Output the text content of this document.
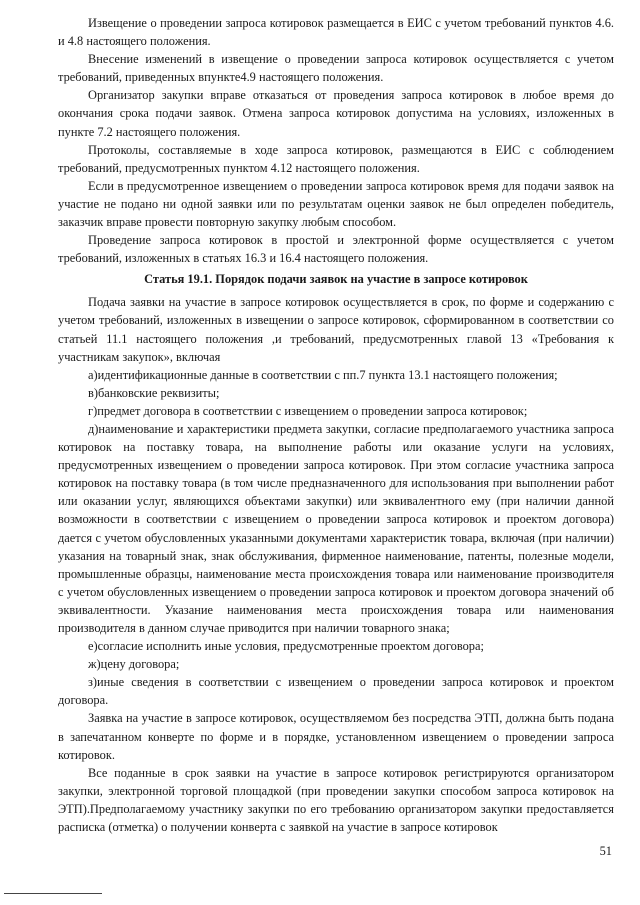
Извещение о проведении запроса котировок размещается в ЕИС с учетом требований пунктов 4.6. и 4.8 настоящего положения.

Внесение изменений в извещение о проведении запроса котировок осуществляется с учетом требований, приведенных впункте4.9 настоящего положения.

Организатор закупки вправе отказаться от проведения запроса котировок в любое время до окончания срока подачи заявок. Отмена запроса котировок допустима на условиях, изложенных в пункте 7.2 настоящего положения.

Протоколы, составляемые в ходе запроса котировок, размещаются в ЕИС с соблюдением требований, предусмотренных пунктом 4.12 настоящего положения.

Если в предусмотренное извещением о проведении запроса котировок время для подачи заявок на участие не подано ни одной заявки или по результатам оценки заявок не был определен победитель, заказчик вправе провести повторную закупку любым способом.

Проведение запроса котировок в простой и электронной форме осуществляется с учетом требований, изложенных в статьях 16.3 и 16.4 настоящего положения.

Статья 19.1. Порядок подачи заявок на участие в запросе котировок

Подача заявки на участие в запросе котировок осуществляется в срок, по форме и содержанию с учетом требований, изложенных в извещении о запросе котировок, сформированном в соответствии со статьей 11.1 настоящего положения ,и требований, предусмотренных главой 13 «Требования к участникам закупок», включая

а)идентификационные данные в соответствии с пп.7 пункта 13.1 настоящего положения;

в)банковские реквизиты;

г)предмет договора в соответствии с извещением о проведении запроса котировок;

д)наименование и характеристики предмета закупки, согласие предполагаемого участника запроса котировок на поставку товара, на выполнение работы или оказание услуги на условиях, предусмотренных извещением о проведении запроса котировок. При этом согласие участника запроса котировок на поставку товара (в том числе предназначенного для использования при выполнении работ или оказании услуг, являющихся объектами закупки) или эквивалентного ему (при наличии данной возможности в соответствии с извещением о проведении запроса котировок и проектом договора) дается с учетом обусловленных указанными документами характеристик товара, включая (при наличии) указания на товарный знак, знак обслуживания, фирменное наименование, патенты, полезные модели, промышленные образцы, наименование места происхождения товара или наименование производителя с учетом обусловленных извещением о проведении запроса котировок и проектом договора значений об эквивалентности. Указание наименования места происхождения товара или наименования производителя в данном случае приводится при наличии товарного знака;

е)согласие исполнить иные условия, предусмотренные проектом договора;

ж)цену договора;

з)иные сведения в соответствии с извещением о проведении запроса котировок и проектом договора.

Заявка на участие в запросе котировок, осуществляемом без посредства ЭТП, должна быть подана в запечатанном конверте по форме и в порядке, установленном извещением о проведении запроса котировок.

Все поданные в срок заявки на участие в запросе котировок регистрируются организатором закупки, электронной торговой площадкой (при проведении закупки способом запроса котировок на ЭТП).Предполагаемому участнику закупки по его требованию организатором закупки предоставляется расписка (отметка) о получении конверта с заявкой на участие в запросе котировок

51
